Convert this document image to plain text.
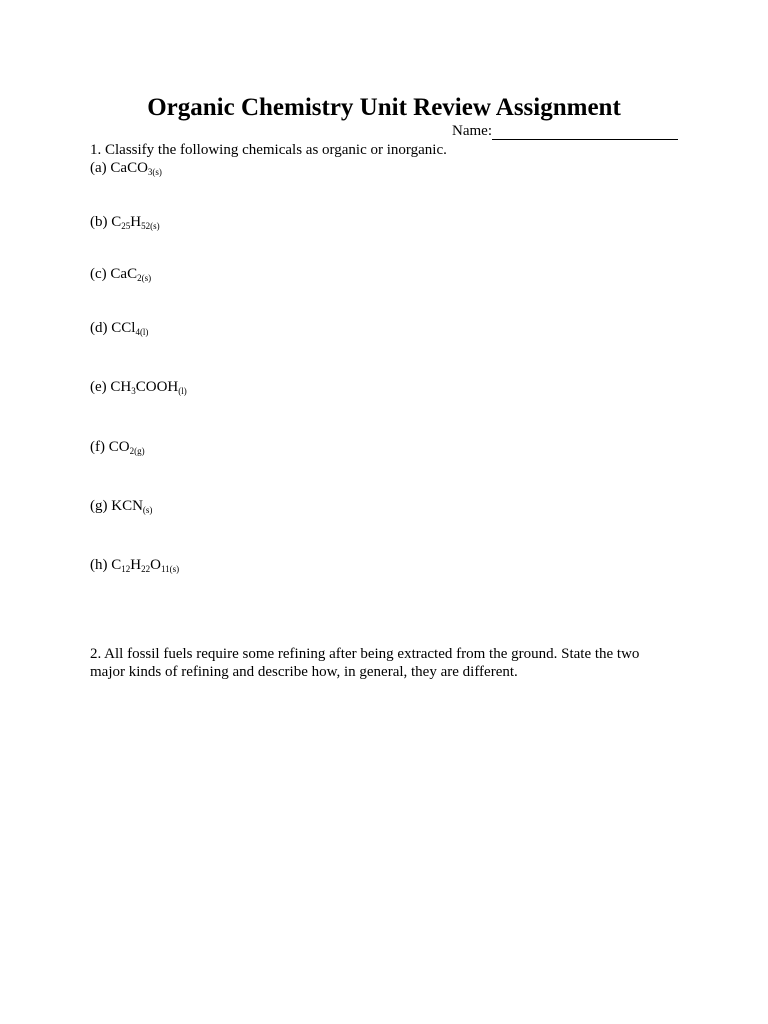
Organic Chemistry Unit Review Assignment
Name:
1. Classify the following chemicals as organic or inorganic.
(a) CaCO$_{3(s)}$
(b) $C_{25}H_{52(s)}$
(c) CaC$_{2(s)}$
(d) CCl$_{4(l)}$
(e) $CH_3COOH_{(l)}$
(f) $CO_{2(g)}$
(g) $KCN_{(s)}$
(h) $C_{12}H_{22}O_{11(s)}$
2. All fossil fuels require some refining after being extracted from the ground. State the two major kinds of refining and describe how, in general, they are different.
